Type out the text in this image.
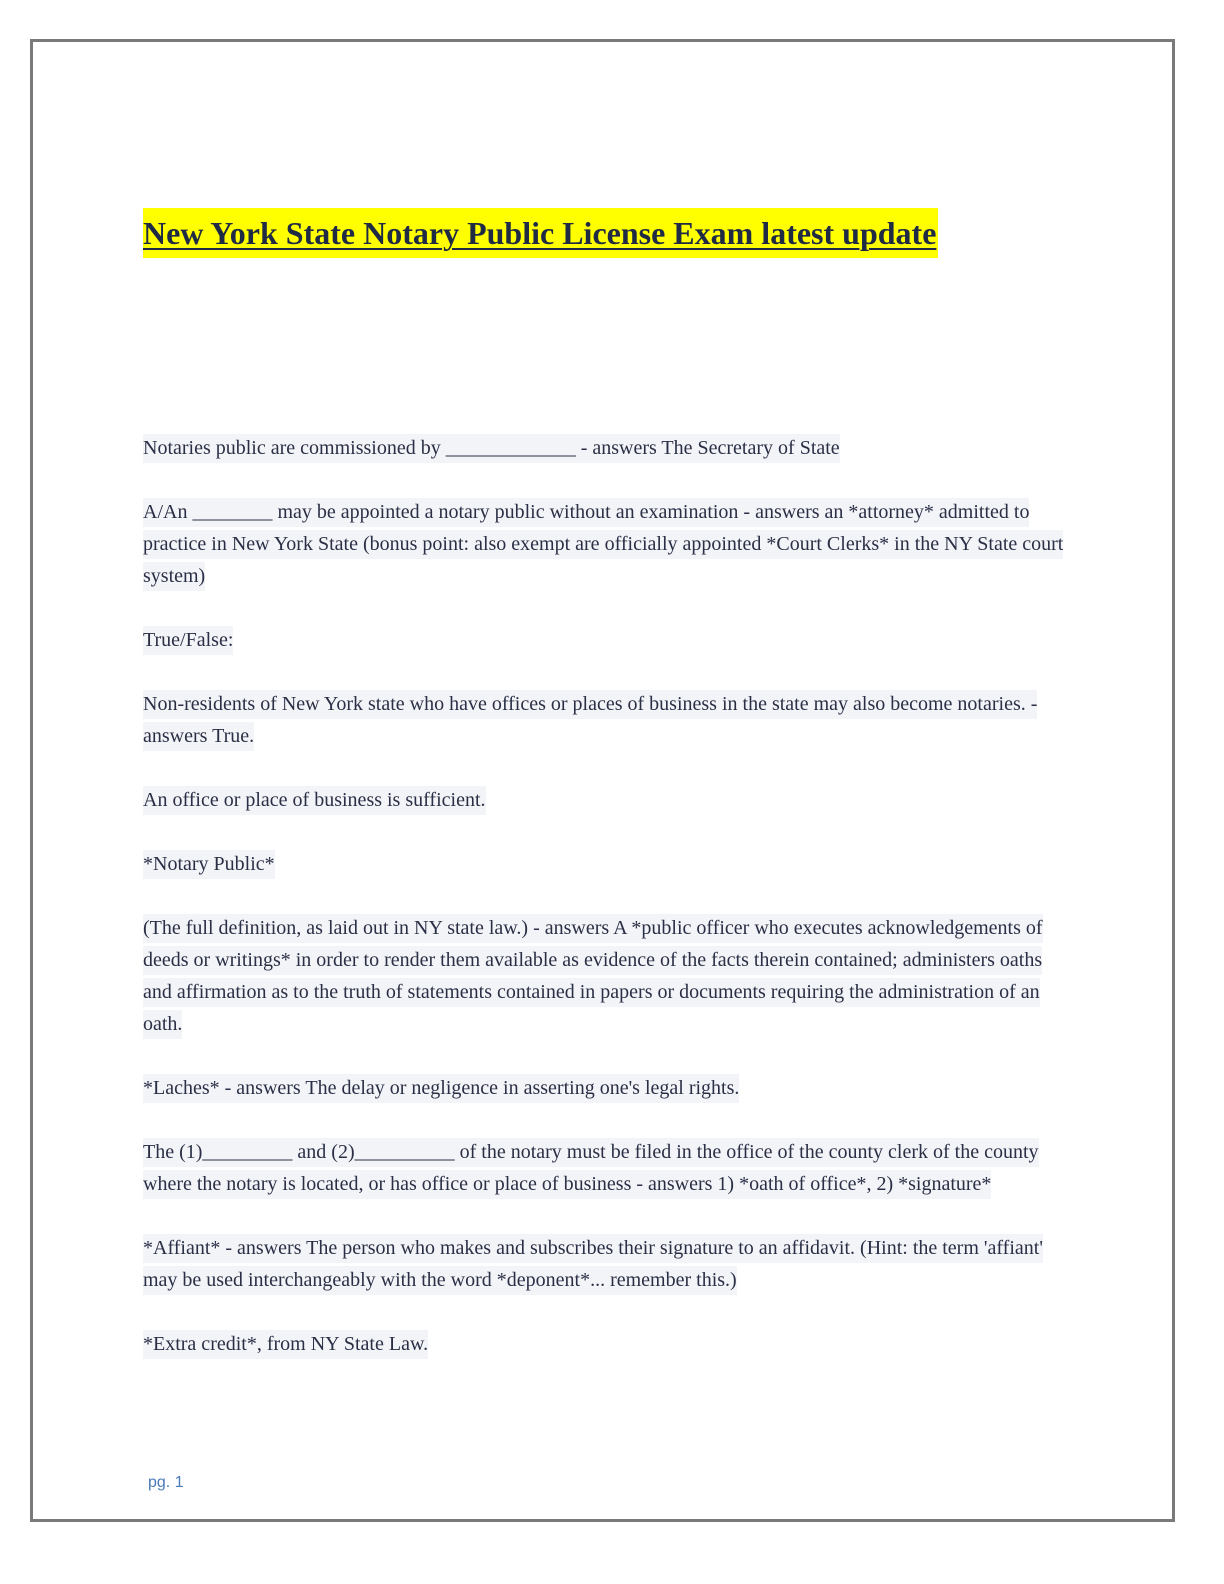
New York State Notary Public License Exam latest update

Notaries public are commissioned by _____________ - answers The Secretary of State

A/An ________ may be appointed a notary public without an examination - answers an *attorney* admitted to practice in New York State (bonus point: also exempt are officially appointed *Court Clerks* in the NY State court system)

True/False:

Non-residents of New York state who have offices or places of business in the state may also become notaries. - answers True.

An office or place of business is sufficient.

*Notary Public*

(The full definition, as laid out in NY state law.) - answers A *public officer who executes acknowledgements of deeds or writings* in order to render them available as evidence of the facts therein contained; administers oaths and affirmation as to the truth of statements contained in papers or documents requiring the administration of an oath.

*Laches* - answers The delay or negligence in asserting one's legal rights.

The (1)_________ and (2)__________ of the notary must be filed in the office of the county clerk of the county where the notary is located, or has office or place of business - answers 1) *oath of office*, 2) *signature*

*Affiant* - answers The person who makes and subscribes their signature to an affidavit. (Hint: the term 'affiant' may be used interchangeably with the word *deponent*... remember this.)

*Extra credit*, from NY State Law.

pg. 1
